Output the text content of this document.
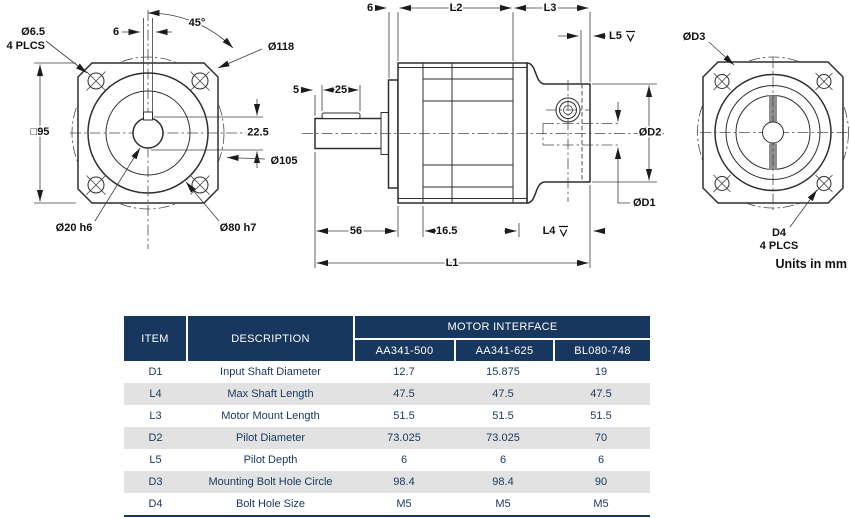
6
45°
Ø118
Ø6.5
4 PLCS
□95	22.5
Ø105
Ø20 h6	Ø80 h7
6	L2	L3
L5
5	25
ØD2
ØD1
56	16.5	L4
L1
ØD3
D4
4 PLCS
Units in mm
ITEM	DESCRIPTION
MOTOR INTERFACE
AA341-500	AA341-625	BL080-748
D1	Input Shaft Diameter	12.7	15.875	19
L4	Max Shaft Length	47.5	47.5	47.5
L3	Motor Mount Length	51.5	51.5	51.5
D2	Pilot Diameter	73.025	73.025	70
L5	Pilot Depth	6	6	6
D3	Mounting Bolt Hole Circle	98.4	98.4	90
D4	Bolt Hole Size	M5	M5	M5
